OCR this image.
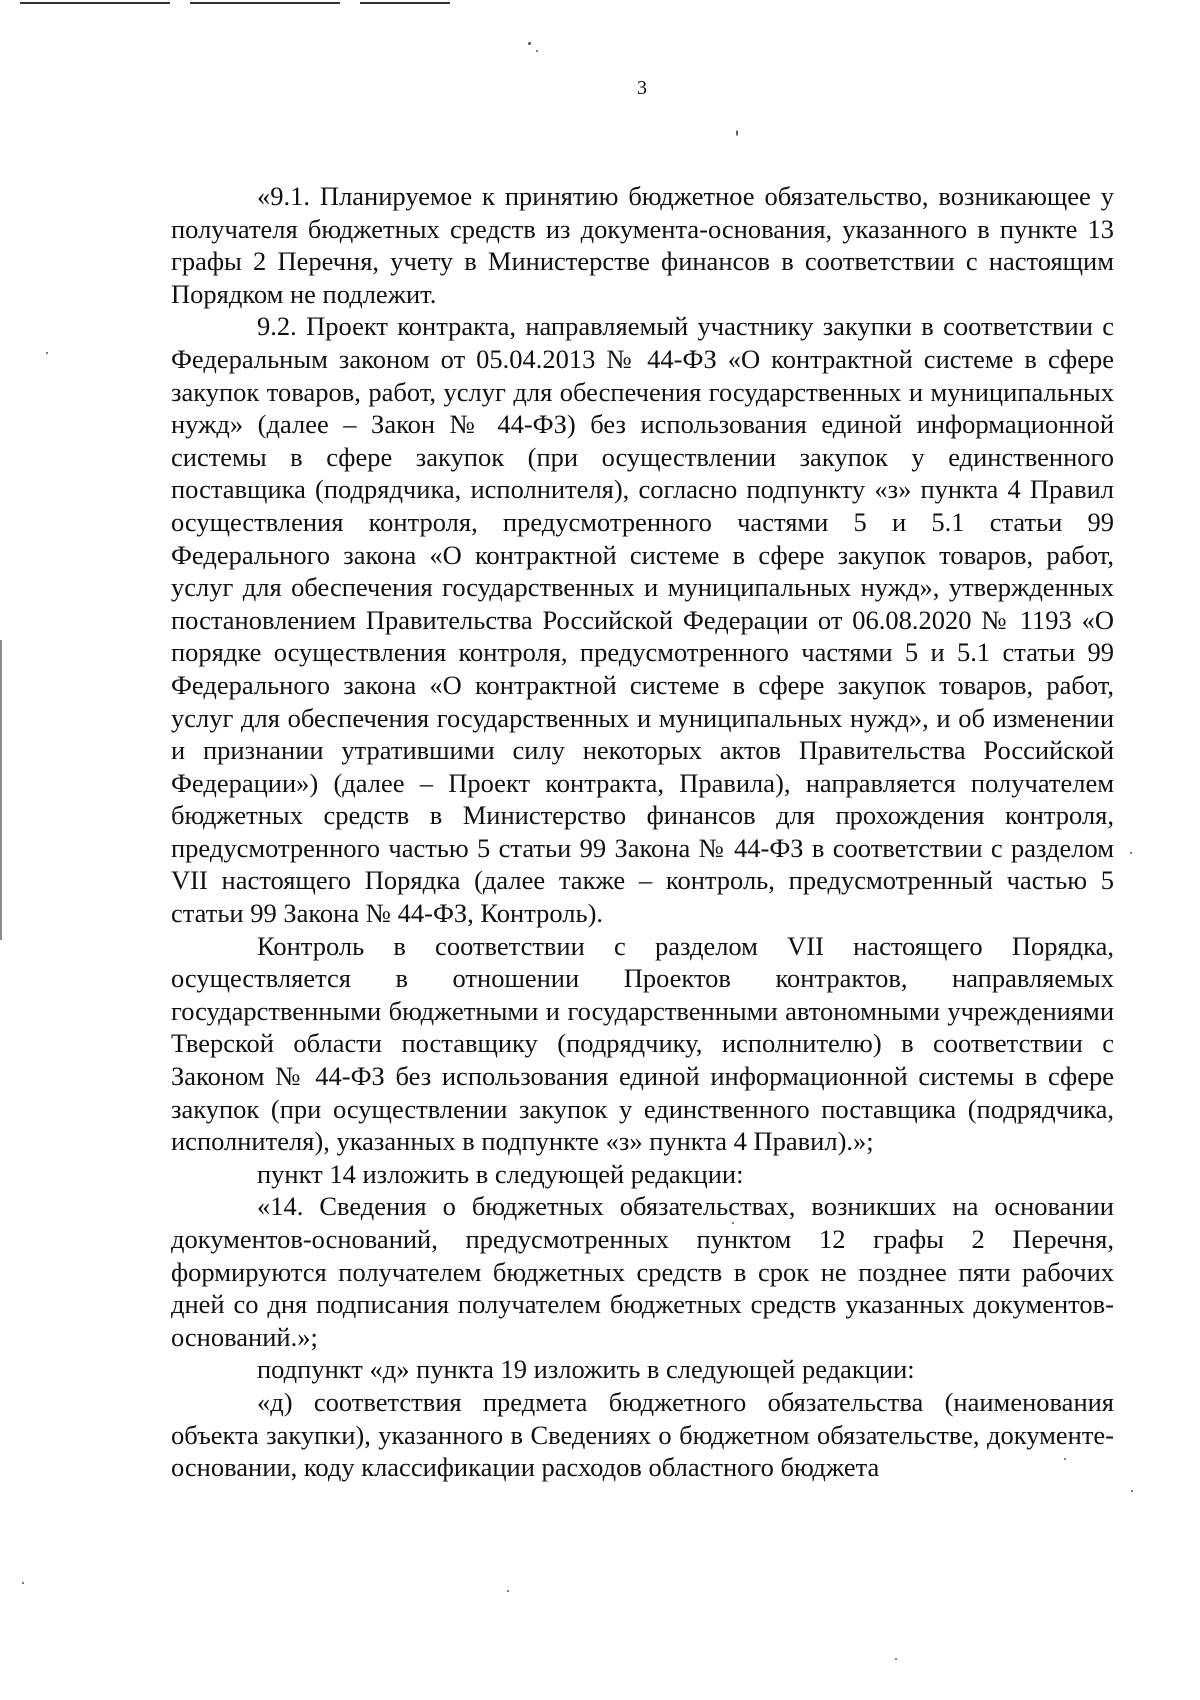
3

«9.1. Планируемое к принятию бюджетное обязательство, возникающее у получателя бюджетных средств из документа-основания, указанного в пункте 13 графы 2 Перечня, учету в Министерстве финансов в соответствии с настоящим Порядком не подлежит.

9.2. Проект контракта, направляемый участнику закупки в соответствии с Федеральным законом от 05.04.2013 № 44-ФЗ «О контрактной системе в сфере закупок товаров, работ, услуг для обеспечения государственных и муниципальных нужд» (далее – Закон № 44-ФЗ) без использования единой информационной системы в сфере закупок (при осуществлении закупок у единственного поставщика (подрядчика, исполнителя), согласно подпункту «з» пункта 4 Правил осуществления контроля, предусмотренного частями 5 и 5.1 статьи 99 Федерального закона «О контрактной системе в сфере закупок товаров, работ, услуг для обеспечения государственных и муниципальных нужд», утвержденных постановлением Правительства Российской Федерации от 06.08.2020 № 1193 «О порядке осуществления контроля, предусмотренного частями 5 и 5.1 статьи 99 Федерального закона «О контрактной системе в сфере закупок товаров, работ, услуг для обеспечения государственных и муниципальных нужд», и об изменении и признании утратившими силу некоторых актов Правительства Российской Федерации») (далее – Проект контракта, Правила), направляется получателем бюджетных средств в Министерство финансов для прохождения контроля, предусмотренного частью 5 статьи 99 Закона № 44-ФЗ в соответствии с разделом VII настоящего Порядка (далее также – контроль, предусмотренный частью 5 статьи 99 Закона № 44-ФЗ, Контроль).

Контроль в соответствии с разделом VII настоящего Порядка, осуществляется в отношении Проектов контрактов, направляемых государственными бюджетными и государственными автономными учреждениями Тверской области поставщику (подрядчику, исполнителю) в соответствии с Законом № 44-ФЗ без использования единой информационной системы в сфере закупок (при осуществлении закупок у единственного поставщика (подрядчика, исполнителя), указанных в подпункте «з» пункта 4 Правил).»;

пункт 14 изложить в следующей редакции:

«14. Сведения о бюджетных обязательствах, возникших на основании документов-оснований, предусмотренных пунктом 12 графы 2 Перечня, формируются получателем бюджетных средств в срок не позднее пяти рабочих дней со дня подписания получателем бюджетных средств указанных документов-оснований.»;

подпункт «д» пункта 19 изложить в следующей редакции:

«д) соответствия предмета бюджетного обязательства (наименования объекта закупки), указанного в Сведениях о бюджетном обязательстве, документе-основании, коду классификации расходов областного бюджета
